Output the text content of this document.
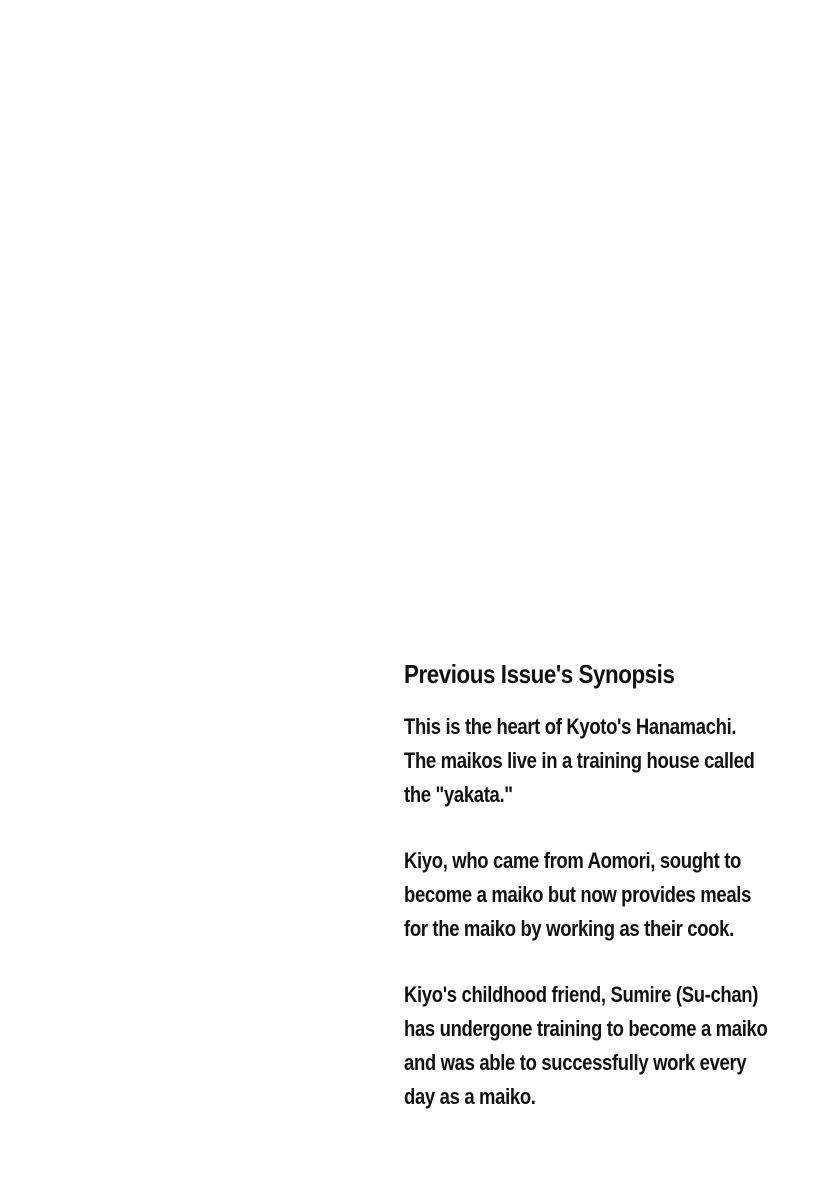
Previous Issue's Synopsis

This is the heart of Kyoto's Hanamachi.
The maikos live in a training house called
the "yakata."

Kiyo, who came from Aomori, sought to
become a maiko but now provides meals
for the maiko by working as their cook.

Kiyo's childhood friend, Sumire (Su-chan)
has undergone training to become a maiko
and was able to successfully work every
day as a maiko.
